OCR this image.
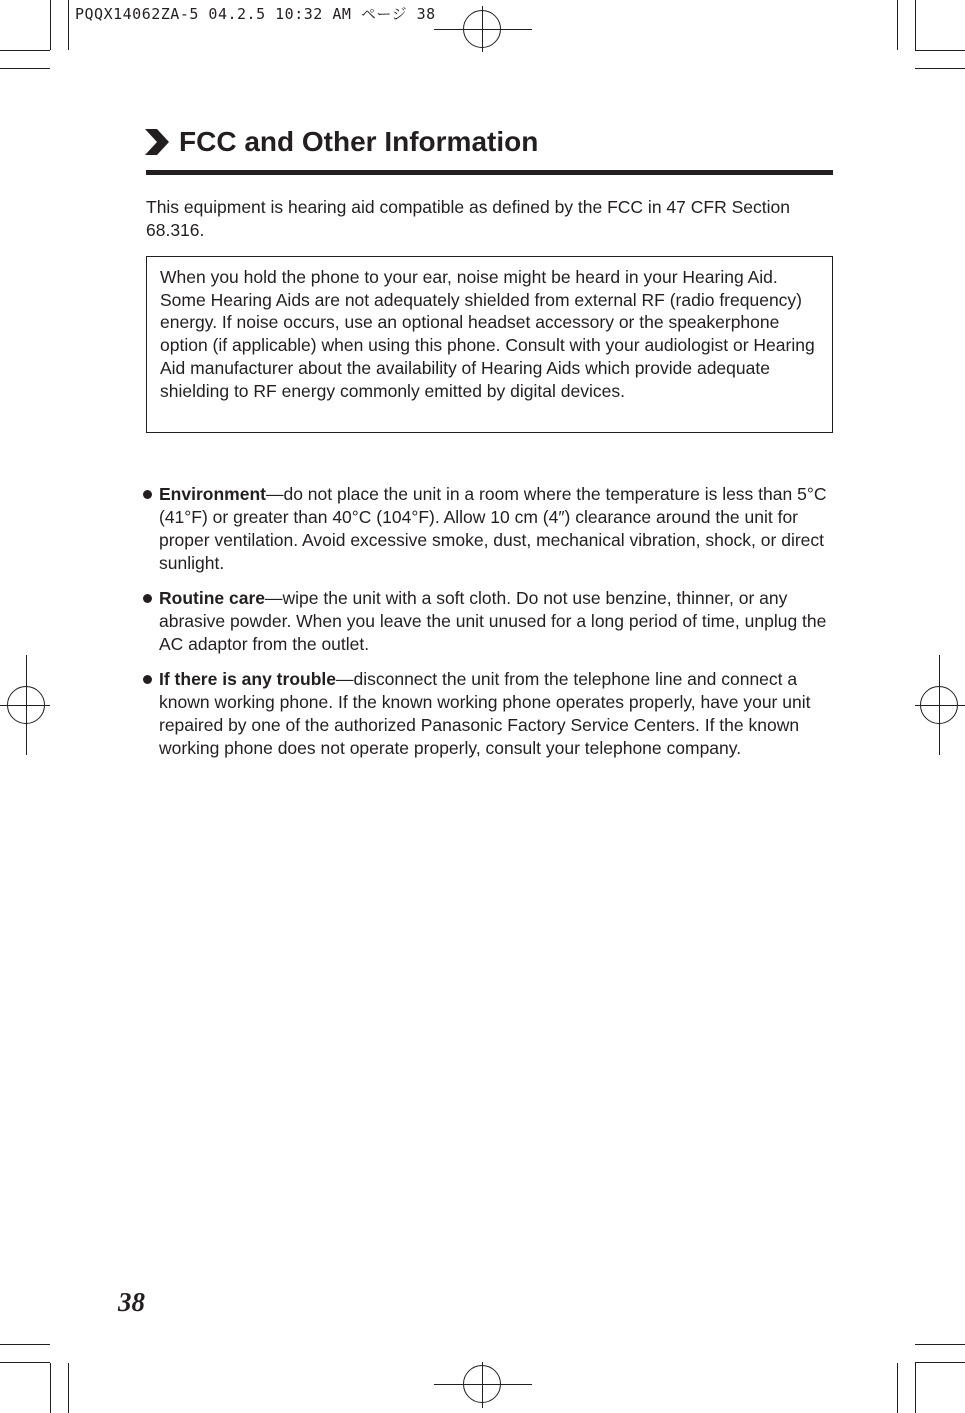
PQQX14062ZA-5 04.2.5 10:32 AM ページ 38
FCC and Other Information

This equipment is hearing aid compatible as defined by the FCC in 47 CFR Section 68.316.

When you hold the phone to your ear, noise might be heard in your Hearing Aid. Some Hearing Aids are not adequately shielded from external RF (radio frequency) energy. If noise occurs, use an optional headset accessory or the speakerphone option (if applicable) when using this phone. Consult with your audiologist or Hearing Aid manufacturer about the availability of Hearing Aids which provide adequate shielding to RF energy commonly emitted by digital devices.

Environment—do not place the unit in a room where the temperature is less than 5°C (41°F) or greater than 40°C (104°F). Allow 10 cm (4″) clearance around the unit for proper ventilation. Avoid excessive smoke, dust, mechanical vibration, shock, or direct sunlight.
Routine care—wipe the unit with a soft cloth. Do not use benzine, thinner, or any abrasive powder. When you leave the unit unused for a long period of time, unplug the AC adaptor from the outlet.
If there is any trouble—disconnect the unit from the telephone line and connect a known working phone. If the known working phone operates properly, have your unit repaired by one of the authorized Panasonic Factory Service Centers. If the known working phone does not operate properly, consult your telephone company.
38
